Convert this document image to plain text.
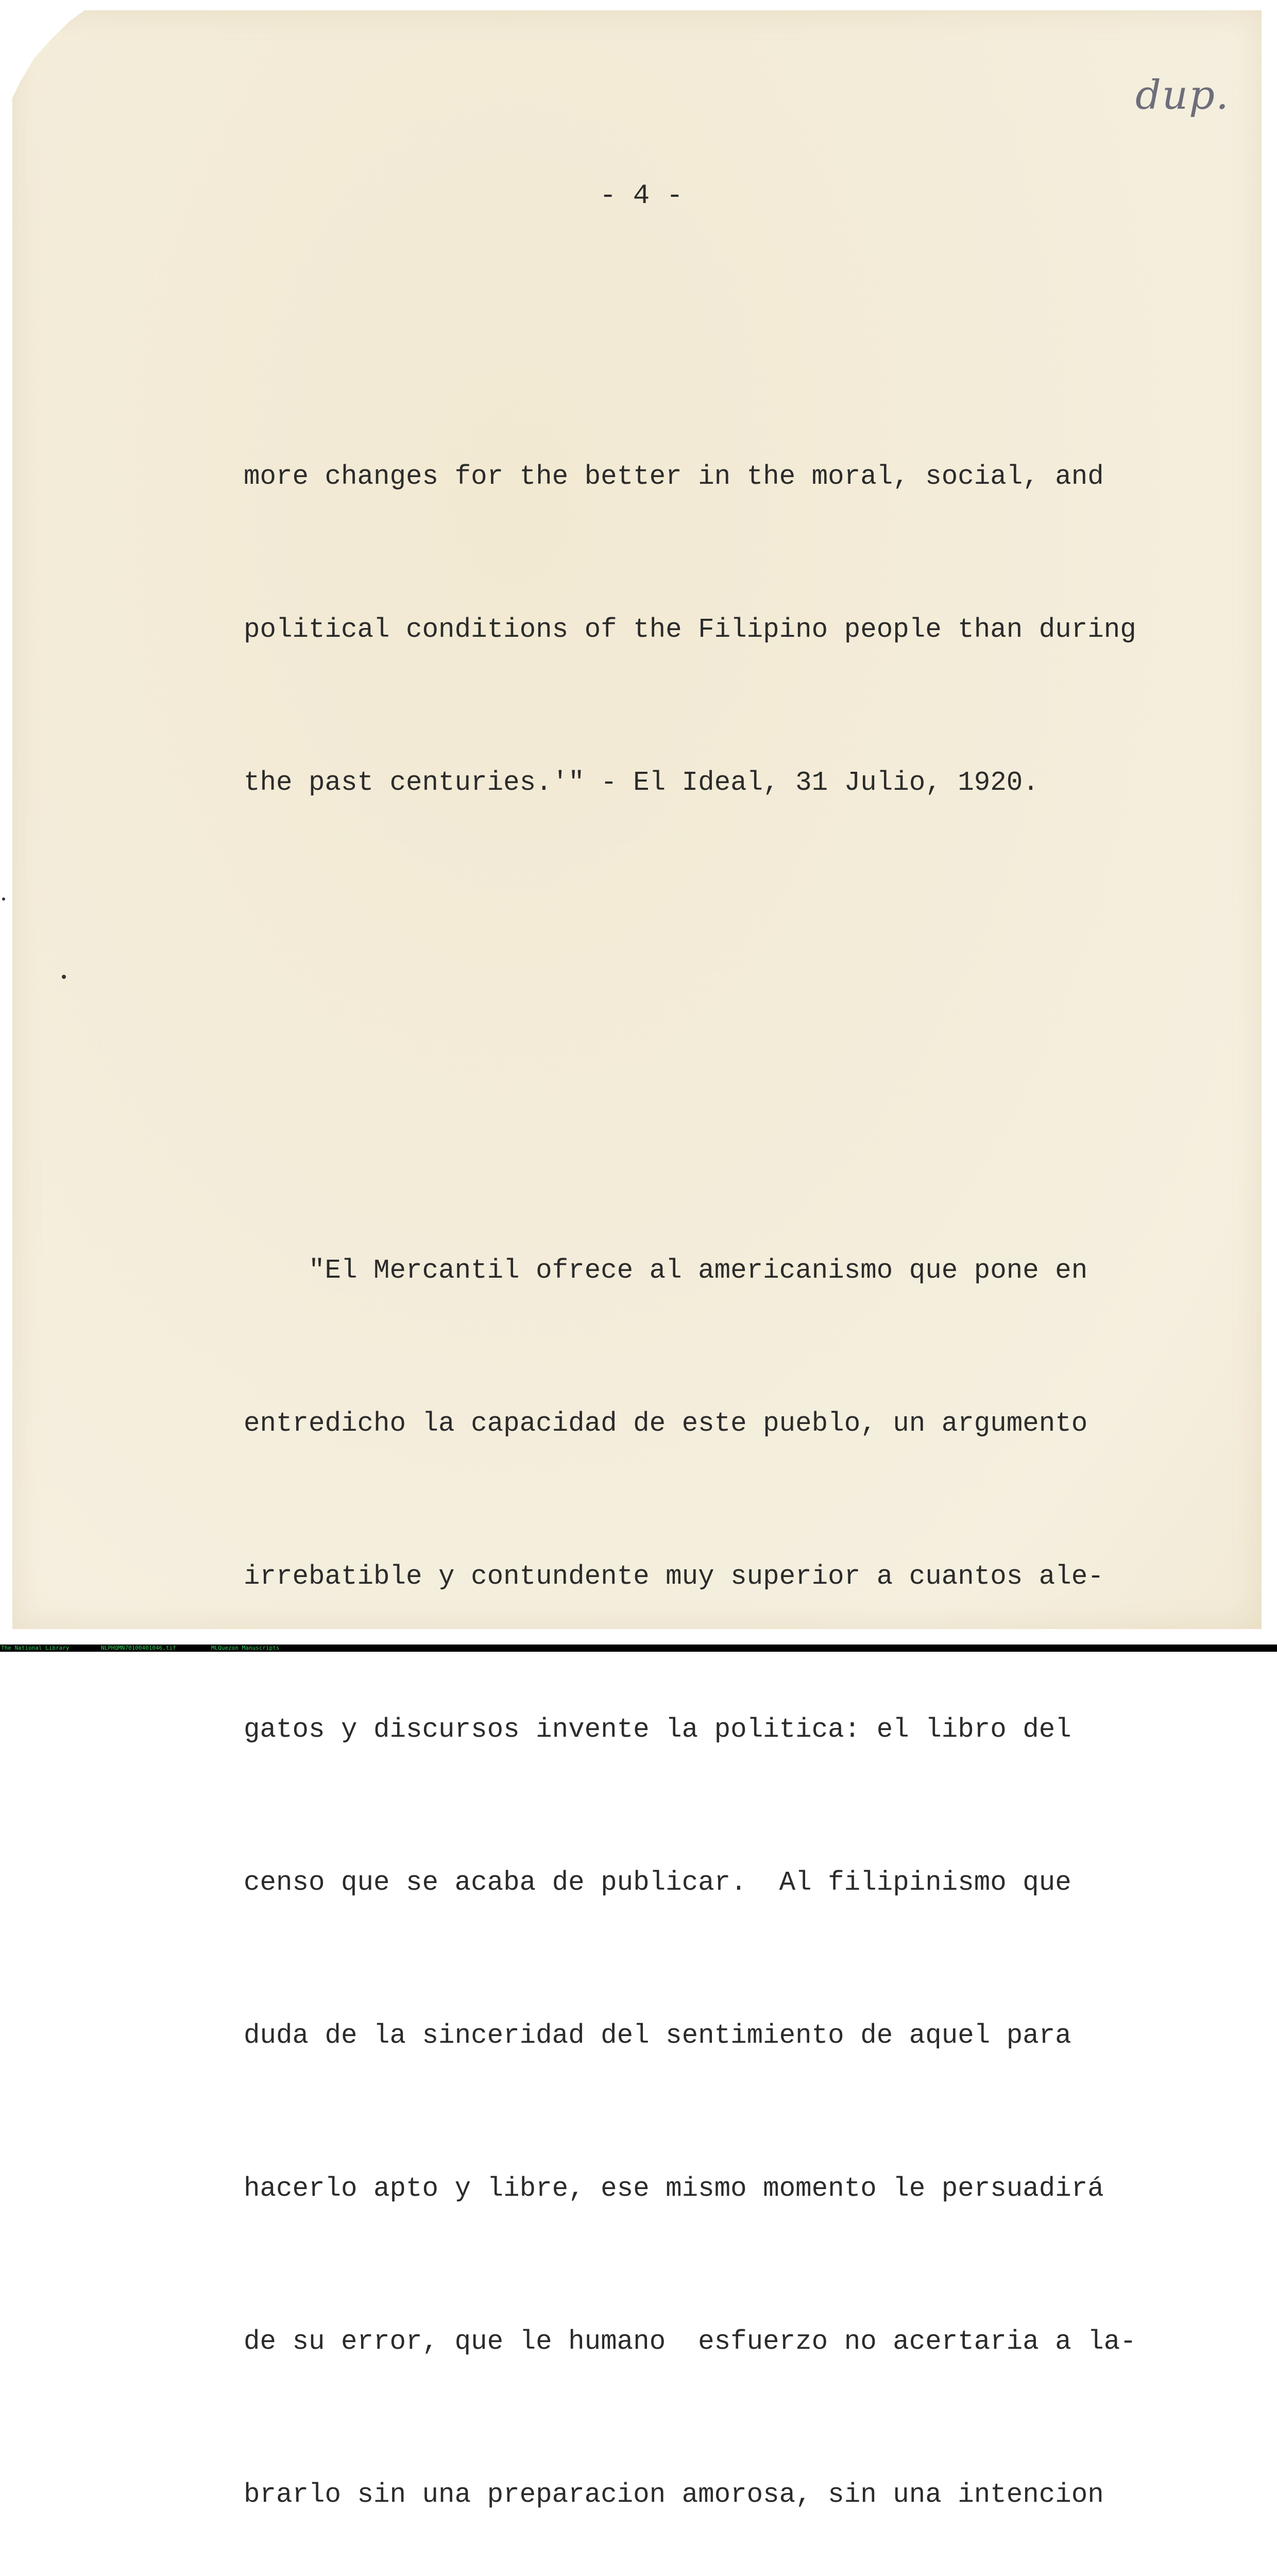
dup.
- 4 -

more changes for the better in the moral, social, and

political conditions of the Filipino people than during

the past centuries.'" - El Ideal, 31 Julio, 1920.

"El Mercantil ofrece al americanismo que pone en

entredicho la capacidad de este pueblo, un argumento

irrebatible y contundente muy superior a cuantos ale-

gatos y discursos invente la politica: el libro del

censo que se acaba de publicar.  Al filipinismo que

duda de la sinceridad del sentimiento de aquel para

hacerlo apto y libre, ese mismo momento le persuadirá

de su error, que le humano  esfuerzo no acertaria a la-

brarlo sin una preparacion amorosa, sin una intencion

The National Library	NLPHQMN70100401046.tif	MLQuezon Manuscripts
